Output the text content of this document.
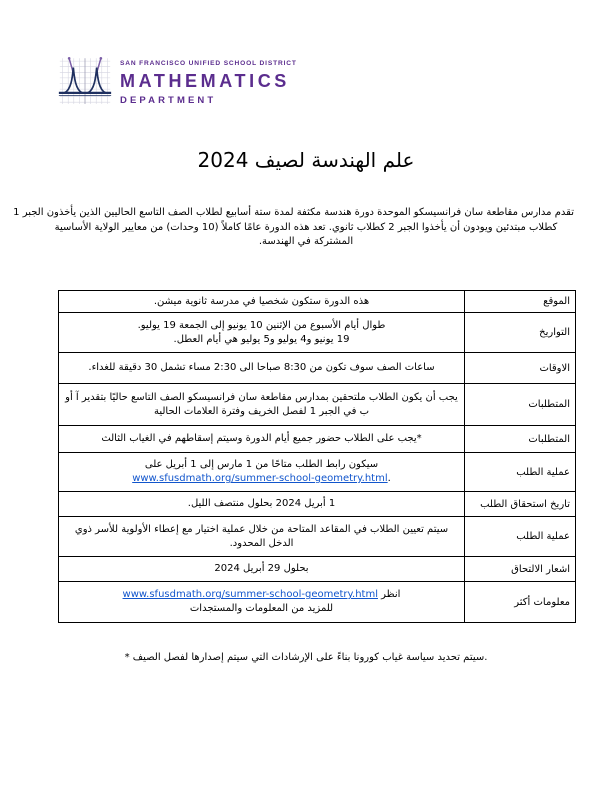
SAN FRANCISCO UNIFIED SCHOOL DISTRICT
MATHEMATICS
DEPARTMENT
علم الهندسة لصيف 2024
تقدم مدارس مقاطعة سان فرانسيسكو الموحدة دورة هندسة مكثفة لمدة ستة أسابيع لطلاب الصف التاسع الحاليين الذين يأخذون الجبر 1
كطلاب مبتدئين ويودون أن يأخذوا الجبر 2 كطلاب ثانوي. تعد هذه الدورة عامًا كاملاً (10 وحدات) من معايير الولاية الأساسية
المشتركة في الهندسة.
الموقع	هذه الدورة ستكون شخصيا في مدرسة ثانوية ميشن.

التواريخ	طوال أيام الأسبوع من الإثنين 10 يونيو إلى الجمعة 19 يوليو.
19 يونيو و4 يوليو و5 يوليو هي أيام العطل.

الاوقات	ساعات الصف سوف تكون من 8:30 صباحا الى 2:30 مساء تشمل 30 دقيقة للغداء.

المتطلبات	يجب أن يكون الطلاب ملتحقين بمدارس مقاطعة سان فرانسيسكو الصف التاسع حاليًا بتقدير آ أو ب في الجبر 1 لفصل الخريف وفترة العلامات الحالية

المتطلبات	*يجب على الطلاب حضور جميع أيام الدورة وسيتم إسقاطهم في الغياب الثالث

عملية الطلب	سيكون رابط الطلب متاحًا من 1 مارس إلى 1 أبريل على
www.sfusdmath.org/summer-school-geometry.html.

تاريخ استحقاق الطلب	1 أبريل 2024 بحلول منتصف الليل.

عملية الطلب	سيتم تعيين الطلاب في المقاعد المتاحة من خلال عملية اختيار مع إعطاء الأولوية للأسر ذوي الدخل المحدود.

اشعار الالتحاق	بحلول 29 أبريل 2024

معلومات أكثر	انظر www.sfusdmath.org/summer-school-geometry.html
للمزيد من المعلومات والمستجدات
* سيتم تحديد سياسة غياب كورونا بناءً على الإرشادات التي سيتم إصدارها لفصل الصيف.
